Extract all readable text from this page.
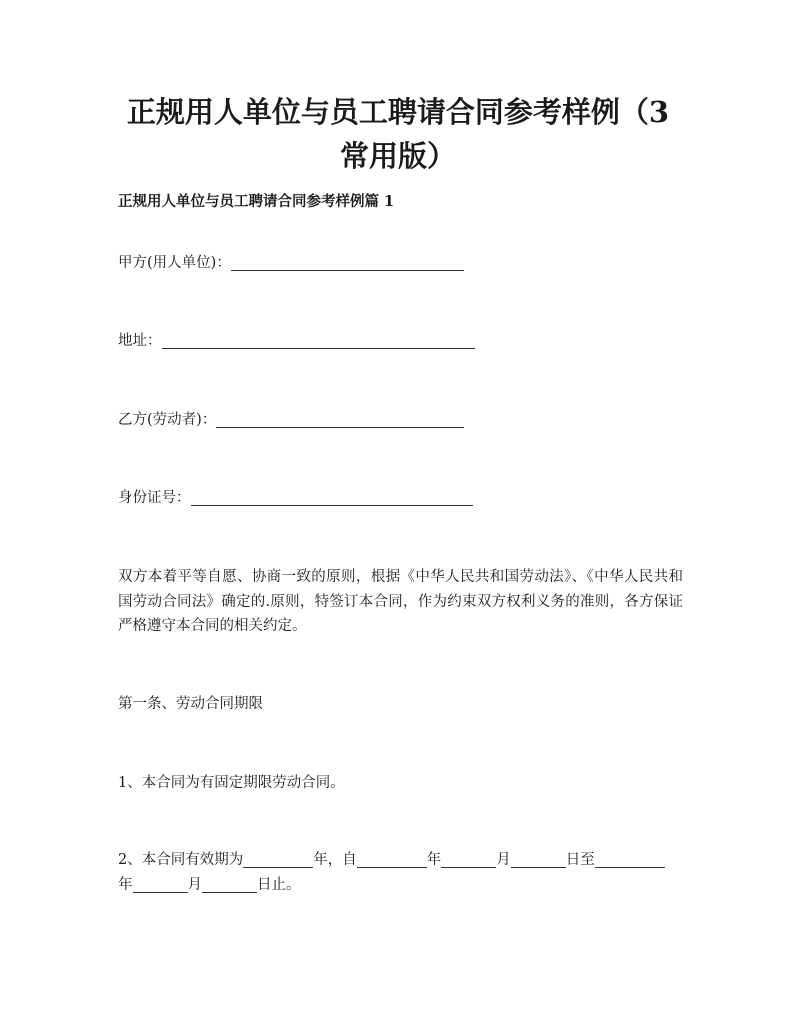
正规用人单位与员工聘请合同参考样例（3
常用版）
正规用人单位与员工聘请合同参考样例篇 1
甲方(用人单位)：
地址：
乙方(劳动者)：
身份证号：

双方本着平等自愿、协商一致的原则，根据《中华人民共和国劳动法》、《中华人民共和国劳动合同法》确定的.原则，特签订本合同，作为约束双方权利义务的准则，各方保证严格遵守本合同的相关约定。

第一条、劳动合同期限

1、本合同为有固定期限劳动合同。

2、本合同有效期为	年，自	年	月	日至
年	月	日止。
